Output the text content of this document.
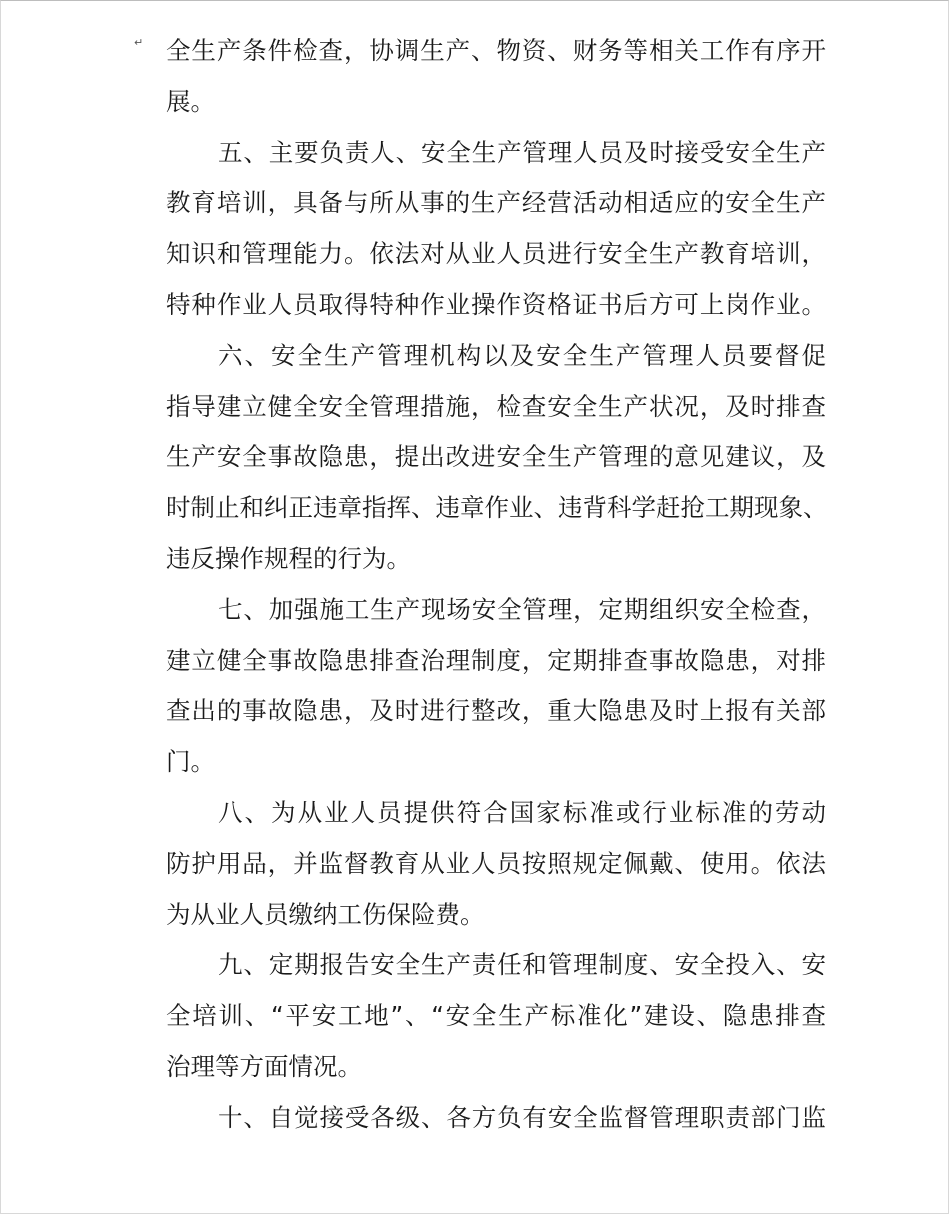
↵ 全生产条件检查，协调生产、物资、财务等相关工作有序开
展。
五、主要负责人、安全生产管理人员及时接受安全生产
教育培训，具备与所从事的生产经营活动相适应的安全生产
知识和管理能力。依法对从业人员进行安全生产教育培训，
特种作业人员取得特种作业操作资格证书后方可上岗作业。
六、安全生产管理机构以及安全生产管理人员要督促
指导建立健全安全管理措施，检查安全生产状况，及时排查
生产安全事故隐患，提出改进安全生产管理的意见建议，及
时制止和纠正违章指挥、违章作业、违背科学赶抢工期现象、
违反操作规程的行为。
七、加强施工生产现场安全管理，定期组织安全检查，
建立健全事故隐患排查治理制度，定期排查事故隐患，对排
查出的事故隐患，及时进行整改，重大隐患及时上报有关部
门。
八、为从业人员提供符合国家标准或行业标准的劳动
防护用品，并监督教育从业人员按照规定佩戴、使用。依法
为从业人员缴纳工伤保险费。
九、定期报告安全生产责任和管理制度、安全投入、安
全培训、“平安工地”、“安全生产标准化”建设、隐患排查
治理等方面情况。
十、自觉接受各级、各方负有安全监督管理职责部门监
